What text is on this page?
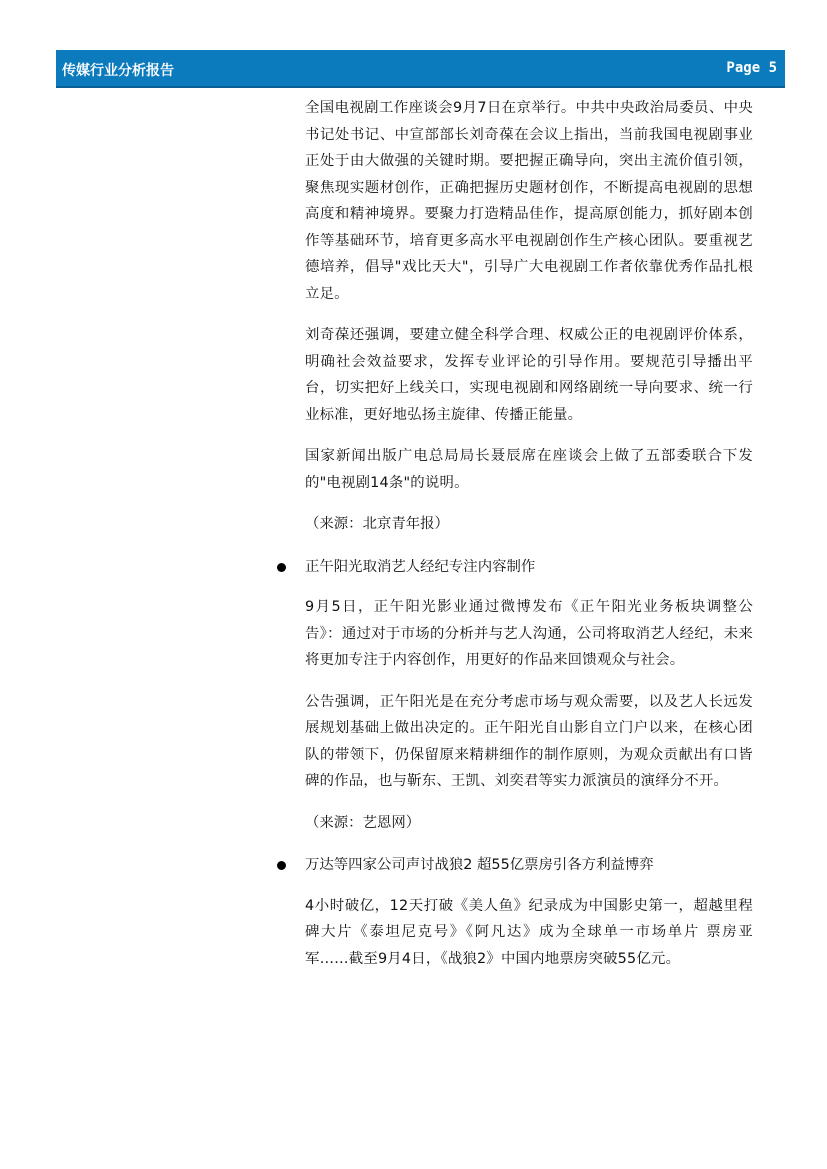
传媒行业分析报告	Page 5

全国电视剧工作座谈会9月7日在京举行。中共中央政治局委员、中央书记处书记、中宣部部长刘奇葆在会议上指出，当前我国电视剧事业正处于由大做强的关键时期。要把握正确导向，突出主流价值引领，聚焦现实题材创作，正确把握历史题材创作，不断提高电视剧的思想高度和精神境界。要聚力打造精品佳作，提高原创能力，抓好剧本创作等基础环节，培育更多高水平电视剧创作生产核心团队。要重视艺德培养，倡导"戏比天大"，引导广大电视剧工作者依靠优秀作品扎根立足。

刘奇葆还强调，要建立健全科学合理、权威公正的电视剧评价体系，明确社会效益要求，发挥专业评论的引导作用。要规范引导播出平台，切实把好上线关口，实现电视剧和网络剧统一导向要求、统一行业标准，更好地弘扬主旋律、传播正能量。

国家新闻出版广电总局局长聂辰席在座谈会上做了五部委联合下发的"电视剧14条"的说明。

（来源：北京青年报）

正午阳光取消艺人经纪专注内容制作

9月5日，正午阳光影业通过微博发布《正午阳光业务板块调整公告》：通过对于市场的分析并与艺人沟通，公司将取消艺人经纪，未来将更加专注于内容创作，用更好的作品来回馈观众与社会。

公告强调，正午阳光是在充分考虑市场与观众需要，以及艺人长远发展规划基础上做出决定的。正午阳光自山影自立门户以来，在核心团队的带领下，仍保留原来精耕细作的制作原则，为观众贡献出有口皆碑的作品，也与靳东、王凯、刘奕君等实力派演员的演绎分不开。

（来源：艺恩网）

万达等四家公司声讨战狼2 超55亿票房引各方利益博弈

4小时破亿，12天打破《美人鱼》纪录成为中国影史第一，超越里程碑大片《泰坦尼克号》《阿凡达》成为全球单一市场单片 票房亚军……截至9月4日，《战狼2》中国内地票房突破55亿元。
